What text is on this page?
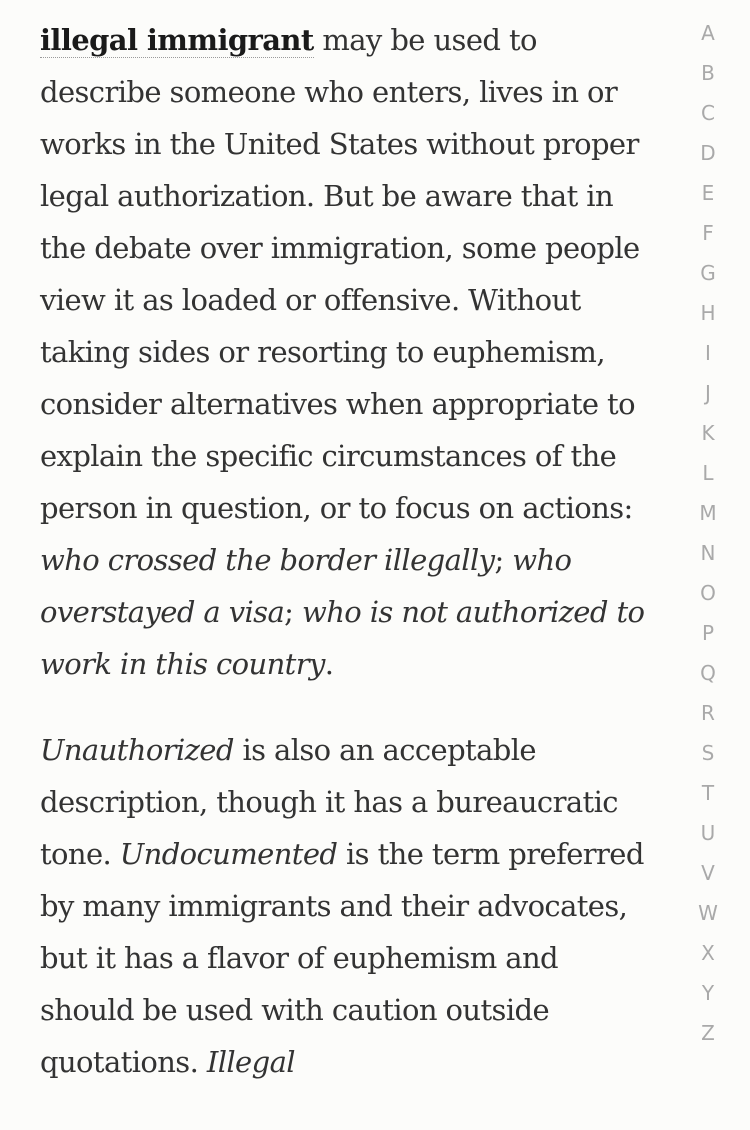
illegal immigrant may be used to describe someone who enters, lives in or works in the United States without proper legal authorization. But be aware that in the debate over immigration, some people view it as loaded or offensive. Without taking sides or resorting to euphemism, consider alternatives when appropriate to explain the specific circumstances of the person in question, or to focus on actions: who crossed the border illegally; who overstayed a visa; who is not authorized to work in this country.

Unauthorized is also an acceptable description, though it has a bureaucratic tone. Undocumented is the term preferred by many immigrants and their advocates, but it has a flavor of euphemism and should be used with caution outside quotations. Illegal

A
B
C
D
E
F
G
H
I
J
K
L
M
N
O
P
Q
R
S
T
U
V
W
X
Y
Z
